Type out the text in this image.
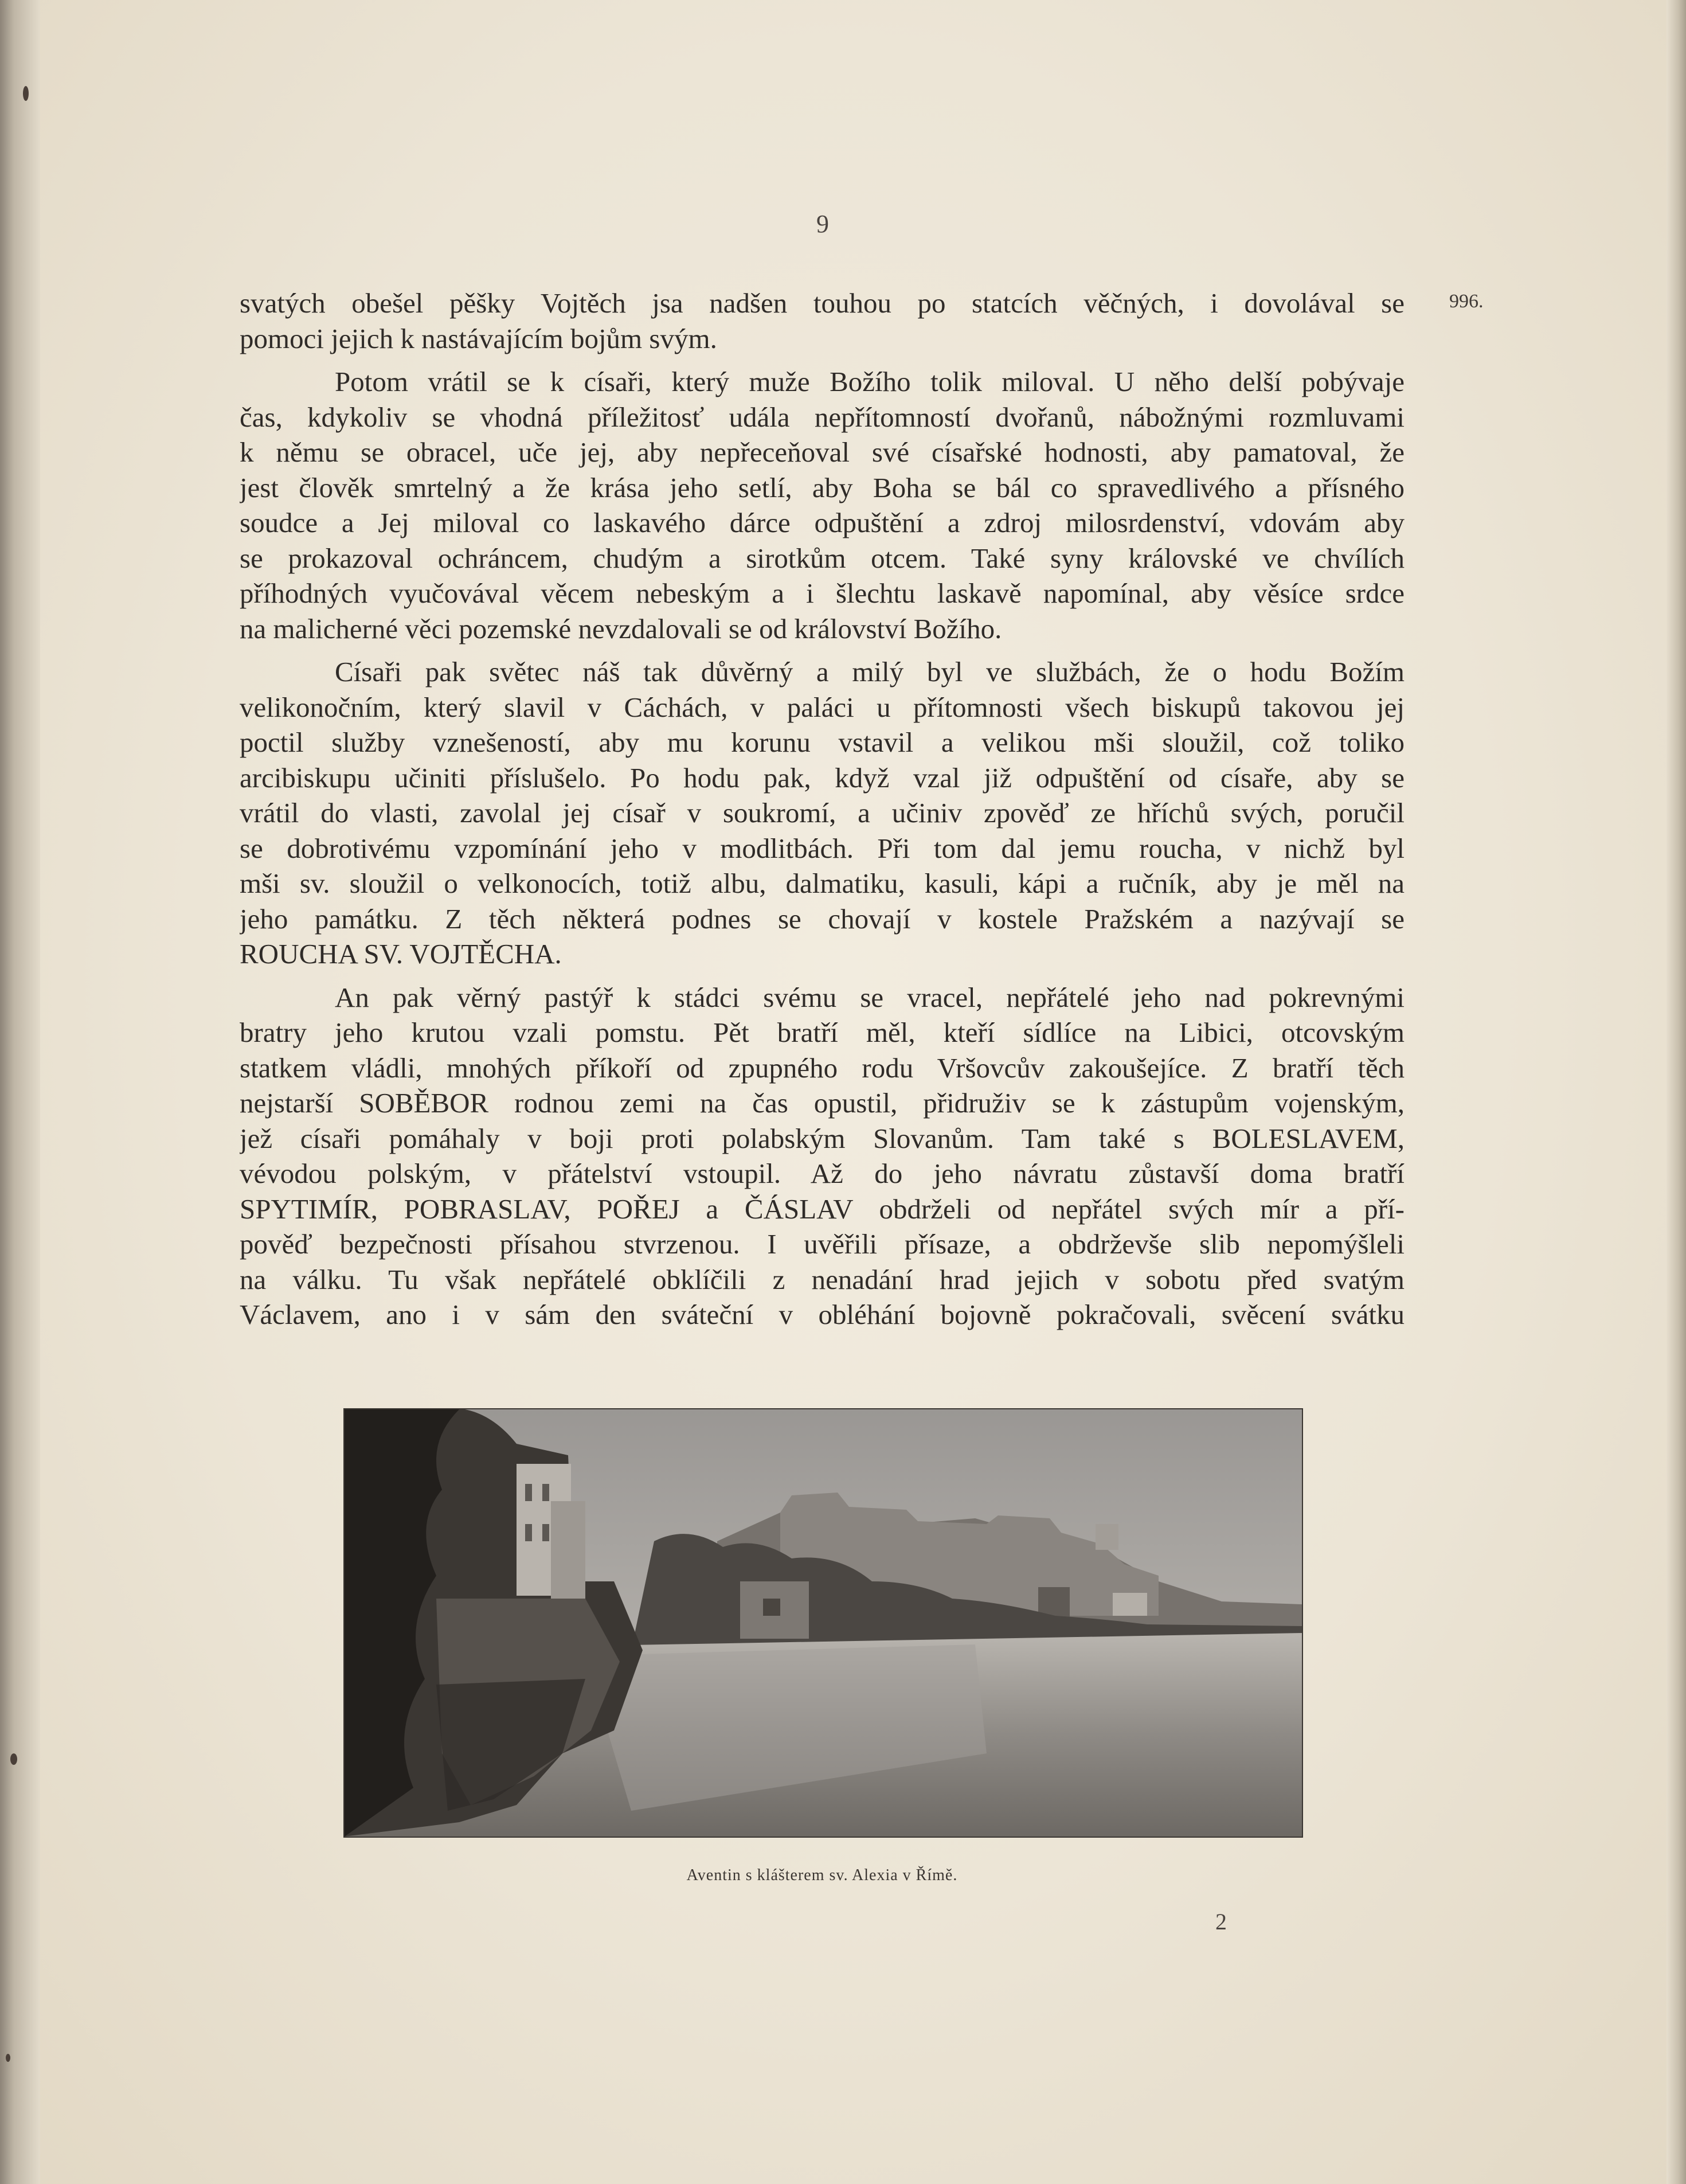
9
996.
svatých obešel pěšky Vojtěch jsa nadšen touhou po statcích věčných, i dovolával se
pomoci jejich k nastávajícím bojům svým.
Potom vrátil se k císaři, který muže Božího tolik miloval. U něho delší pobývaje
čas, kdykoliv se vhodná příležitosť udála nepřítomností dvořanů, nábožnými rozmluvami
k němu se obracel, uče jej, aby nepřeceňoval své císařské hodnosti, aby pamatoval, že
jest člověk smrtelný a že krása jeho setlí, aby Boha se bál co spravedlivého a přísného
soudce a Jej miloval co laskavého dárce odpuštění a zdroj milosrdenství, vdovám aby
se prokazoval ochráncem, chudým a sirotkům otcem. Také syny královské ve chvílích
příhodných vyučovával věcem nebeským a i šlechtu laskavě napomínal, aby věsíce srdce
na malicherné věci pozemské nevzdalovali se od království Božího.
Císaři pak světec náš tak důvěrný a milý byl ve službách, že o hodu Božím
velikonočním, který slavil v Cáchách, v paláci u přítomnosti všech biskupů takovou jej
poctil služby vznešeností, aby mu korunu vstavil a velikou mši sloužil, což toliko
arcibiskupu učiniti příslušelo. Po hodu pak, když vzal již odpuštění od císaře, aby se
vrátil do vlasti, zavolal jej císař v soukromí, a učiniv zpověď ze hříchů svých, poručil
se dobrotivému vzpomínání jeho v modlitbách. Při tom dal jemu roucha, v nichž byl
mši sv. sloužil o velkonocích, totiž albu, dalmatiku, kasuli, kápi a ručník, aby je měl na
jeho památku. Z těch některá podnes se chovají v kostele Pražském a nazývají se
ROUCHA SV. VOJTĚCHA.
An pak věrný pastýř k stádci svému se vracel, nepřátelé jeho nad pokrevnými
bratry jeho krutou vzali pomstu. Pět bratří měl, kteří sídlíce na Libici, otcovským
statkem vládli, mnohých příkoří od zpupného rodu Vršovcův zakoušejíce. Z bratří těch
nejstarší SOBĚBOR rodnou zemi na čas opustil, přidruživ se k zástupům vojenským,
jež císaři pomáhaly v boji proti polabským Slovanům. Tam také s BOLESLAVEM,
vévodou polským, v přátelství vstoupil. Až do jeho návratu zůstavší doma bratří
SPYTIMÍR, POBRASLAV, POŘEJ a ČÁSLAV obdrželi od nepřátel svých mír a pří-
pověď bezpečnosti přísahou stvrzenou. I uvěřili přísaze, a obdrževše slib nepomýšleli
na válku. Tu však nepřátelé obklíčili z nenadání hrad jejich v sobotu před svatým
Václavem, ano i v sám den sváteční v obléhání bojovně pokračovali, svěcení svátku
Aventin s klášterem sv. Alexia v Římě.
2
